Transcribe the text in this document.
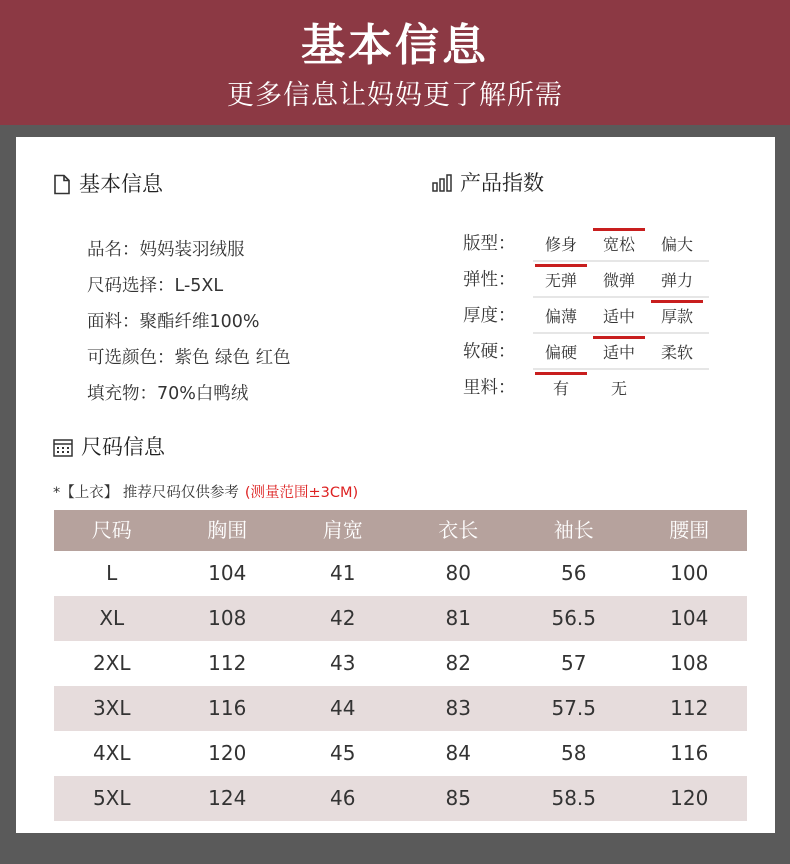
基本信息
更多信息让妈妈更了解所需
基本信息
品名：妈妈装羽绒服
尺码选择：L-5XL
面料：聚酯纤维100%
可选颜色：紫色 绿色 红色
填充物：70%白鸭绒
产品指数
版型：	修身	宽松	偏大
弹性：	无弹	微弹	弹力
厚度：	偏薄	适中	厚款
软硬：	偏硬	适中	柔软
里料：	有	无
尺码信息
*【上衣】 推荐尺码仅供参考 (测量范围±3CM)
尺码	胸围	肩宽	衣长	袖长	腰围
L	104	41	80	56	100
XL	108	42	81	56.5	104
2XL	112	43	82	57	108
3XL	116	44	83	57.5	112
4XL	120	45	84	58	116
5XL	124	46	85	58.5	120
